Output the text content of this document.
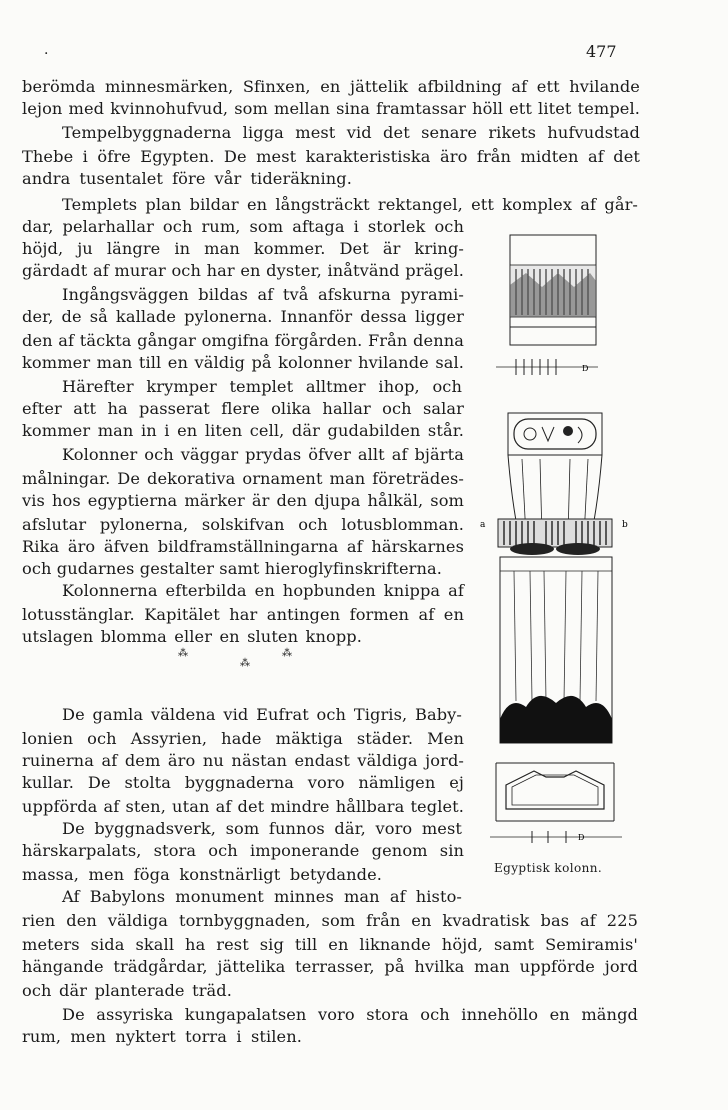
·	477
berömda minnesmärken, Sfinxen, en jättelik afbildning af ett hvilande
lejon med kvinnohufvud, som mellan sina framtassar höll ett litet tempel.
Tempelbyggnaderna ligga mest vid det senare rikets hufvudstad
Thebe i öfre Egypten. De mest karakteristiska äro från midten af det
andra tusentalet före vår tideräkning.
Templets plan bildar en långsträckt rektangel, ett komplex af går-
dar, pelarhallar och rum, som aftaga i storlek och
höjd, ju längre in man kommer. Det är kring-
gärdadt af murar och har en dyster, inåtvänd prägel.
Ingångsväggen bildas af två afskurna pyrami-
der, de så kallade pylonerna. Innanför dessa ligger
den af täckta gångar omgifna förgården. Från denna
kommer man till en väldig på kolonner hvilande sal.
Härefter krymper templet alltmer ihop, och
efter att ha passerat flere olika hallar och salar
kommer man in i en liten cell, där gudabilden står.
Kolonner och väggar prydas öfver allt af bjärta
målningar. De dekorativa ornament man företrädes-
vis hos egyptierna märker är den djupa hålkäl, som
afslutar pylonerna, solskifvan och lotusblomman.
Rika äro äfven bildframställningarna af härskarnes
och gudarnes gestalter samt hieroglyfinskrifterna.
Kolonnerna efterbilda en hopbunden knippa af
lotusstänglar. Kapitälet har antingen formen af en
utslagen blomma eller en sluten knopp.
De gamla väldena vid Eufrat och Tigris, Baby-
lonien och Assyrien, hade mäktiga städer. Men
ruinerna af dem äro nu nästan endast väldiga jord-
kullar. De stolta byggnaderna voro nämligen ej
uppförda af sten, utan af det mindre hållbara teglet.
De byggnadsverk, som funnos där, voro mest
härskarpalats, stora och imponerande genom sin
massa, men föga konstnärligt betydande.
Af Babylons monument minnes man af histo-
rien den väldiga tornbyggnaden, som från en kvadratisk bas af 225
meters sida skall ha rest sig till en liknande höjd, samt Semiramis'
hängande trädgårdar, jättelika terrasser, på hvilka man uppförde jord
och där planterade träd.
De assyriska kungapalatsen voro stora och innehöllo en mängd
rum, men nyktert torra i stilen.
⁂
⁂
⁂
D
a	b
D
Egyptisk kolonn.
